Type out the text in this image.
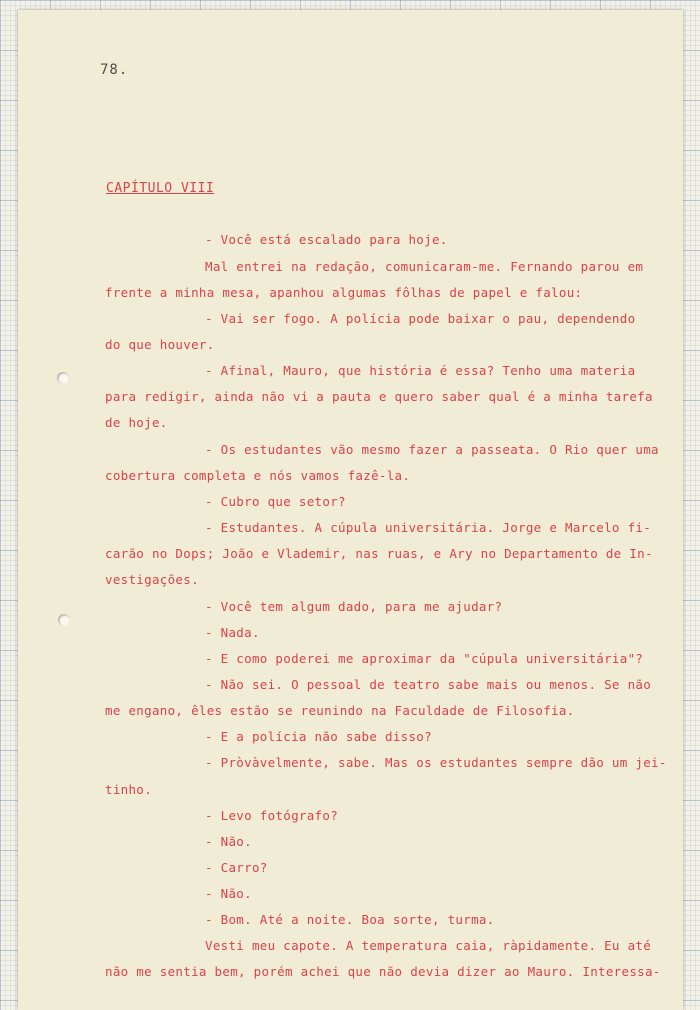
78.
CAPÍTULO VIII
- Você está escalado para hoje.
Mal entrei na redação, comunicaram-me. Fernando parou em
frente a minha mesa, apanhou algumas fôlhas de papel e falou:
- Vai ser fogo. A polícia pode baixar o pau, dependendo
do que houver.
- Afinal, Mauro, que história é essa? Tenho uma materia
para redigir, ainda não vi a pauta e quero saber qual é a minha tarefa
de hoje.
- Os estudantes vão mesmo fazer a passeata. O Rio quer uma
cobertura completa e nós vamos fazê-la.
- Cubro que setor?
- Estudantes. A cúpula universitária. Jorge e Marcelo fi-
carão no Dops; João e Vlademir, nas ruas, e Ary no Departamento de In-
vestigações.
- Você tem algum dado, para me ajudar?
- Nada.
- E como poderei me aproximar da "cúpula universitária"?
- Não sei. O pessoal de teatro sabe mais ou menos. Se não
me engano, êles estão se reunindo na Faculdade de Filosofia.
- E a polícia não sabe disso?
- Pròvàvelmente, sabe. Mas os estudantes sempre dão um jei-
tinho.
- Levo fotógrafo?
- Não.
- Carro?
- Não.
- Bom. Até a noite. Boa sorte, turma.
Vesti meu capote. A temperatura caia, ràpidamente. Eu até
não me sentia bem, porém achei que não devia dizer ao Mauro. Interessa-
